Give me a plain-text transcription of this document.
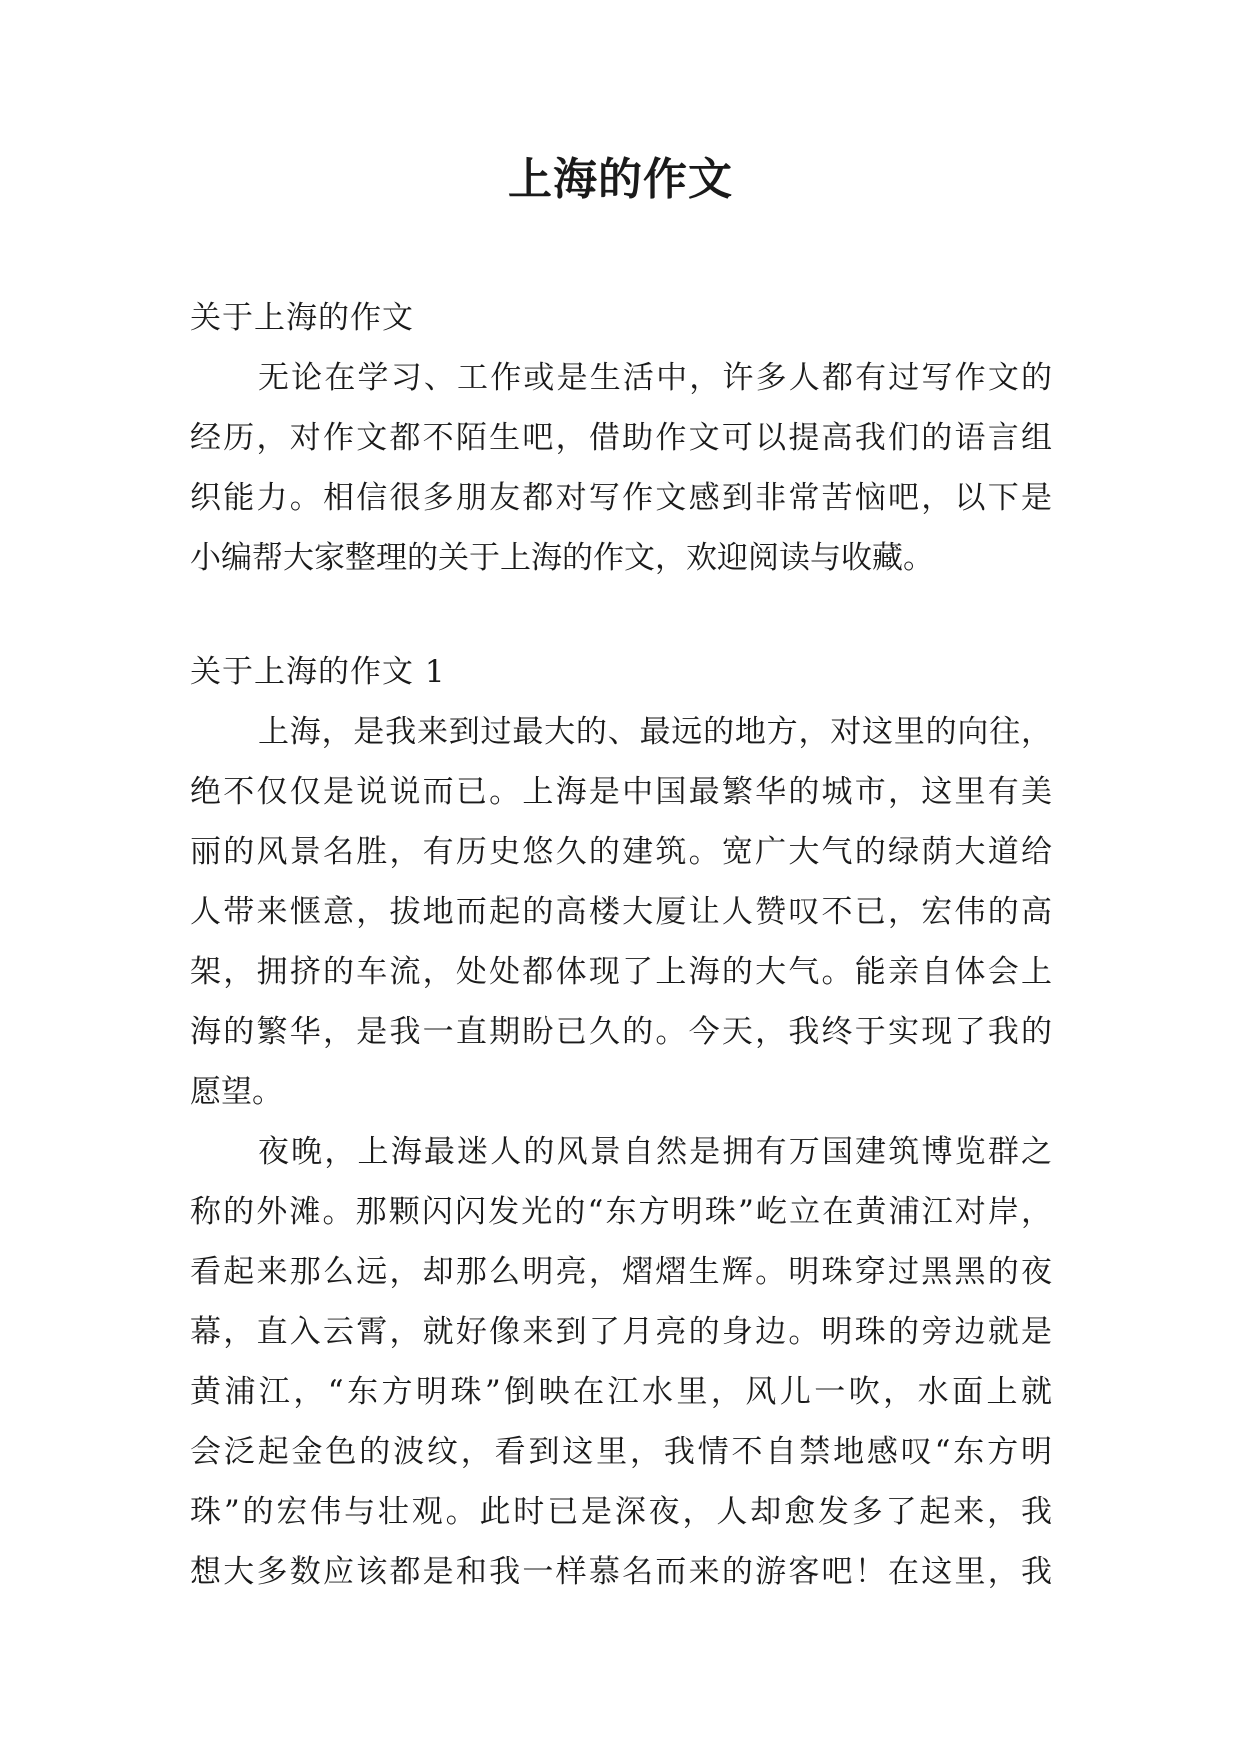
上海的作文
关于上海的作文
无论在学习、工作或是生活中，许多人都有过写作文的
经历，对作文都不陌生吧，借助作文可以提高我们的语言组
织能力。相信很多朋友都对写作文感到非常苦恼吧，以下是
小编帮大家整理的关于上海的作文，欢迎阅读与收藏。
关于上海的作文 1
上海，是我来到过最大的、最远的地方，对这里的向往，
绝不仅仅是说说而已。上海是中国最繁华的城市，这里有美
丽的风景名胜，有历史悠久的建筑。宽广大气的绿荫大道给
人带来惬意，拔地而起的高楼大厦让人赞叹不已，宏伟的高
架，拥挤的车流，处处都体现了上海的大气。能亲自体会上
海的繁华，是我一直期盼已久的。今天，我终于实现了我的
愿望。
夜晚，上海最迷人的风景自然是拥有万国建筑博览群之
称的外滩。那颗闪闪发光的“东方明珠”屹立在黄浦江对岸，
看起来那么远，却那么明亮，熠熠生辉。明珠穿过黑黑的夜
幕，直入云霄，就好像来到了月亮的身边。明珠的旁边就是
黄浦江，“东方明珠”倒映在江水里，风儿一吹，水面上就
会泛起金色的波纹，看到这里，我情不自禁地感叹“东方明
珠”的宏伟与壮观。此时已是深夜，人却愈发多了起来，我
想大多数应该都是和我一样慕名而来的游客吧！在这里，我
